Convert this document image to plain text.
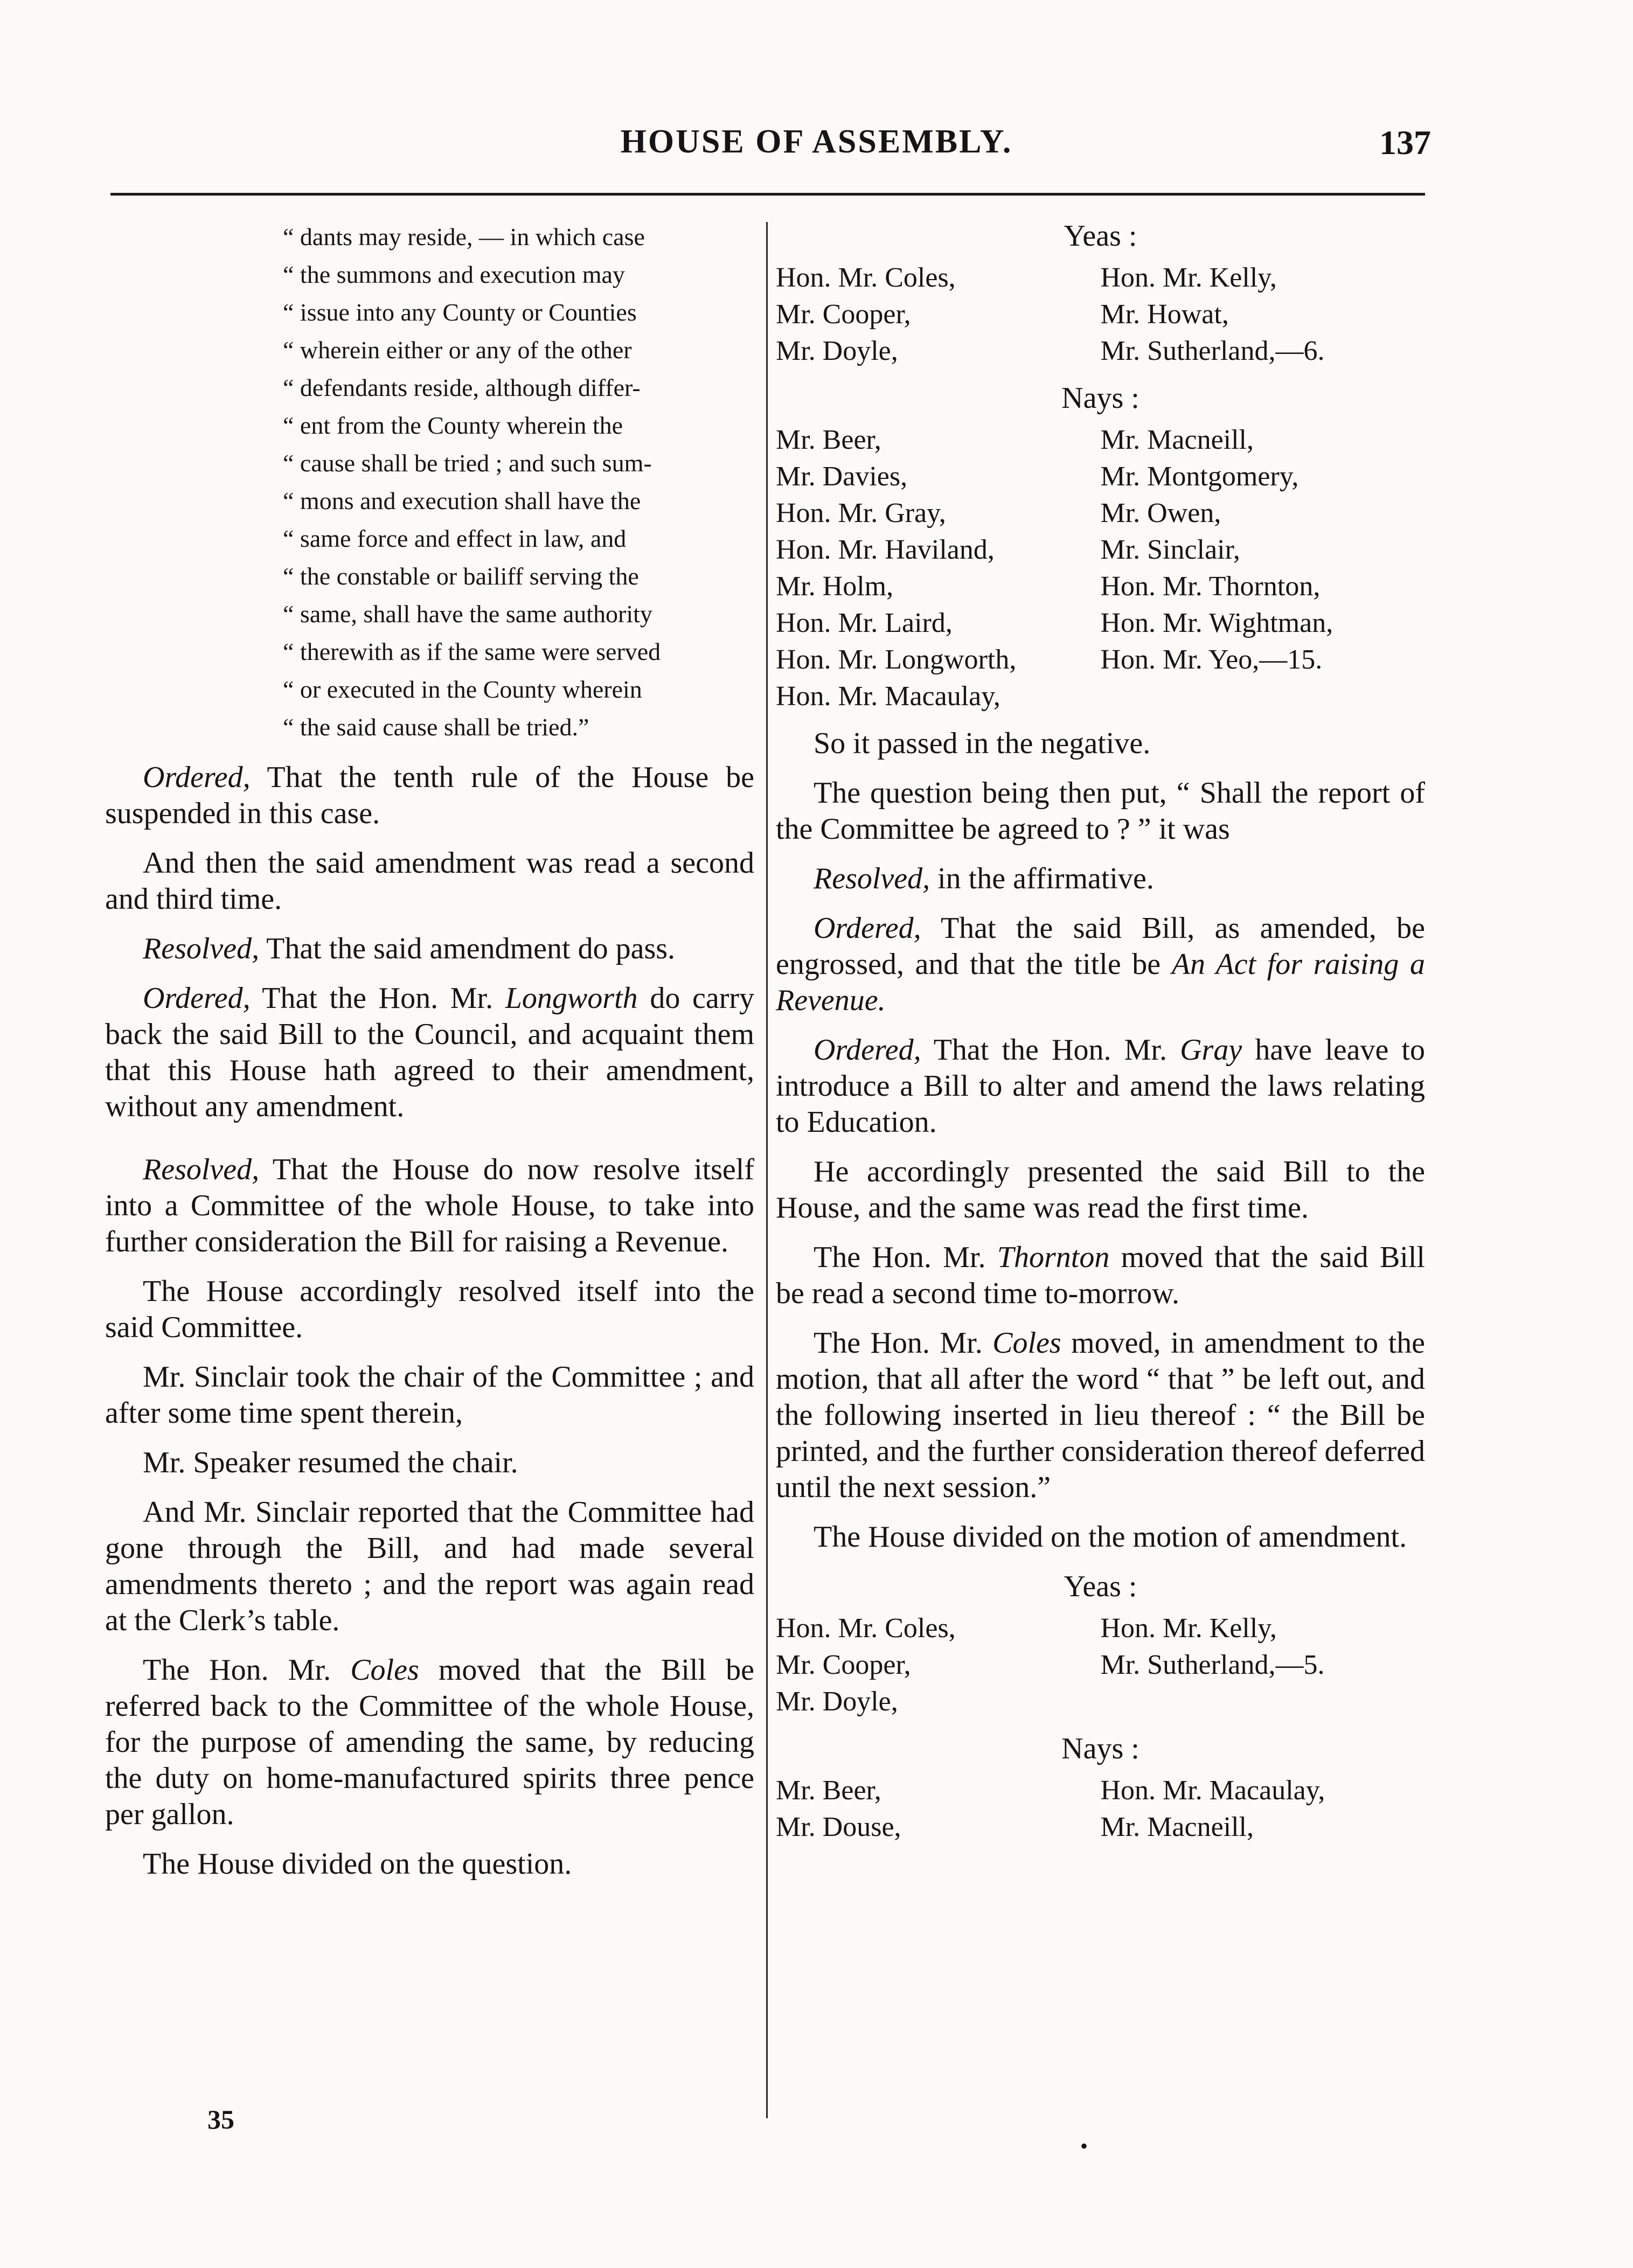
HOUSE OF ASSEMBLY.	137
“ dants may reside, — in which case
“ the summons and execution may
“ issue into any County or Counties
“ wherein either or any of the other
“ defendants reside, although differ-
“ ent from the County wherein the
“ cause shall be tried ; and such sum-
“ mons and execution shall have the
“ same force and effect in law, and
“ the constable or bailiff serving the
“ same, shall have the same authority
“ therewith as if the same were served
“ or executed in the County wherein
“ the said cause shall be tried.”

Ordered, That the tenth rule of the House be suspended in this case.

And then the said amendment was read a second and third time.

Resolved, That the said amendment do pass.

Ordered, That the Hon. Mr. Longworth do carry back the said Bill to the Council, and acquaint them that this House hath agreed to their amendment, without any amendment.

Resolved, That the House do now resolve itself into a Committee of the whole House, to take into further consideration the Bill for raising a Revenue.

The House accordingly resolved itself into the said Committee.

Mr. Sinclair took the chair of the Committee ; and after some time spent therein,

Mr. Speaker resumed the chair.

And Mr. Sinclair reported that the Committee had gone through the Bill, and had made several amendments thereto ; and the report was again read at the Clerk’s table.

The Hon. Mr. Coles moved that the Bill be referred back to the Committee of the whole House, for the purpose of amending the same, by reducing the duty on home-manufactured spirits three pence per gallon.

The House divided on the question.

Yeas :

Hon. Mr. Coles,	Hon. Mr. Kelly,
Mr. Cooper,	Mr. Howat,
Mr. Doyle,	Mr. Sutherland,—6.

Nays :

Mr. Beer,	Mr. Macneill,
Mr. Davies,	Mr. Montgomery,
Hon. Mr. Gray,	Mr. Owen,
Hon. Mr. Haviland,	Mr. Sinclair,
Mr. Holm,	Hon. Mr. Thornton,
Hon. Mr. Laird,	Hon. Mr. Wightman,
Hon. Mr. Longworth,	Hon. Mr. Yeo,—15.
Hon. Mr. Macaulay,

So it passed in the negative.

The question being then put, “ Shall the report of the Committee be agreed to ? ” it was

Resolved, in the affirmative.

Ordered, That the said Bill, as amended, be engrossed, and that the title be An Act for raising a Revenue.

Ordered, That the Hon. Mr. Gray have leave to introduce a Bill to alter and amend the laws relating to Education.

He accordingly presented the said Bill to the House, and the same was read the first time.

The Hon. Mr. Thornton moved that the said Bill be read a second time to-morrow.

The Hon. Mr. Coles moved, in amendment to the motion, that all after the word “ that ” be left out, and the following inserted in lieu thereof : “ the Bill be printed, and the further consideration thereof deferred until the next session.”

The House divided on the motion of amendment.

Yeas :

Hon. Mr. Coles,	Hon. Mr. Kelly,
Mr. Cooper,	Mr. Sutherland,—5.
Mr. Doyle,

Nays :

Mr. Beer,	Hon. Mr. Macaulay,
Mr. Douse,	Mr. Macneill,
35
•
